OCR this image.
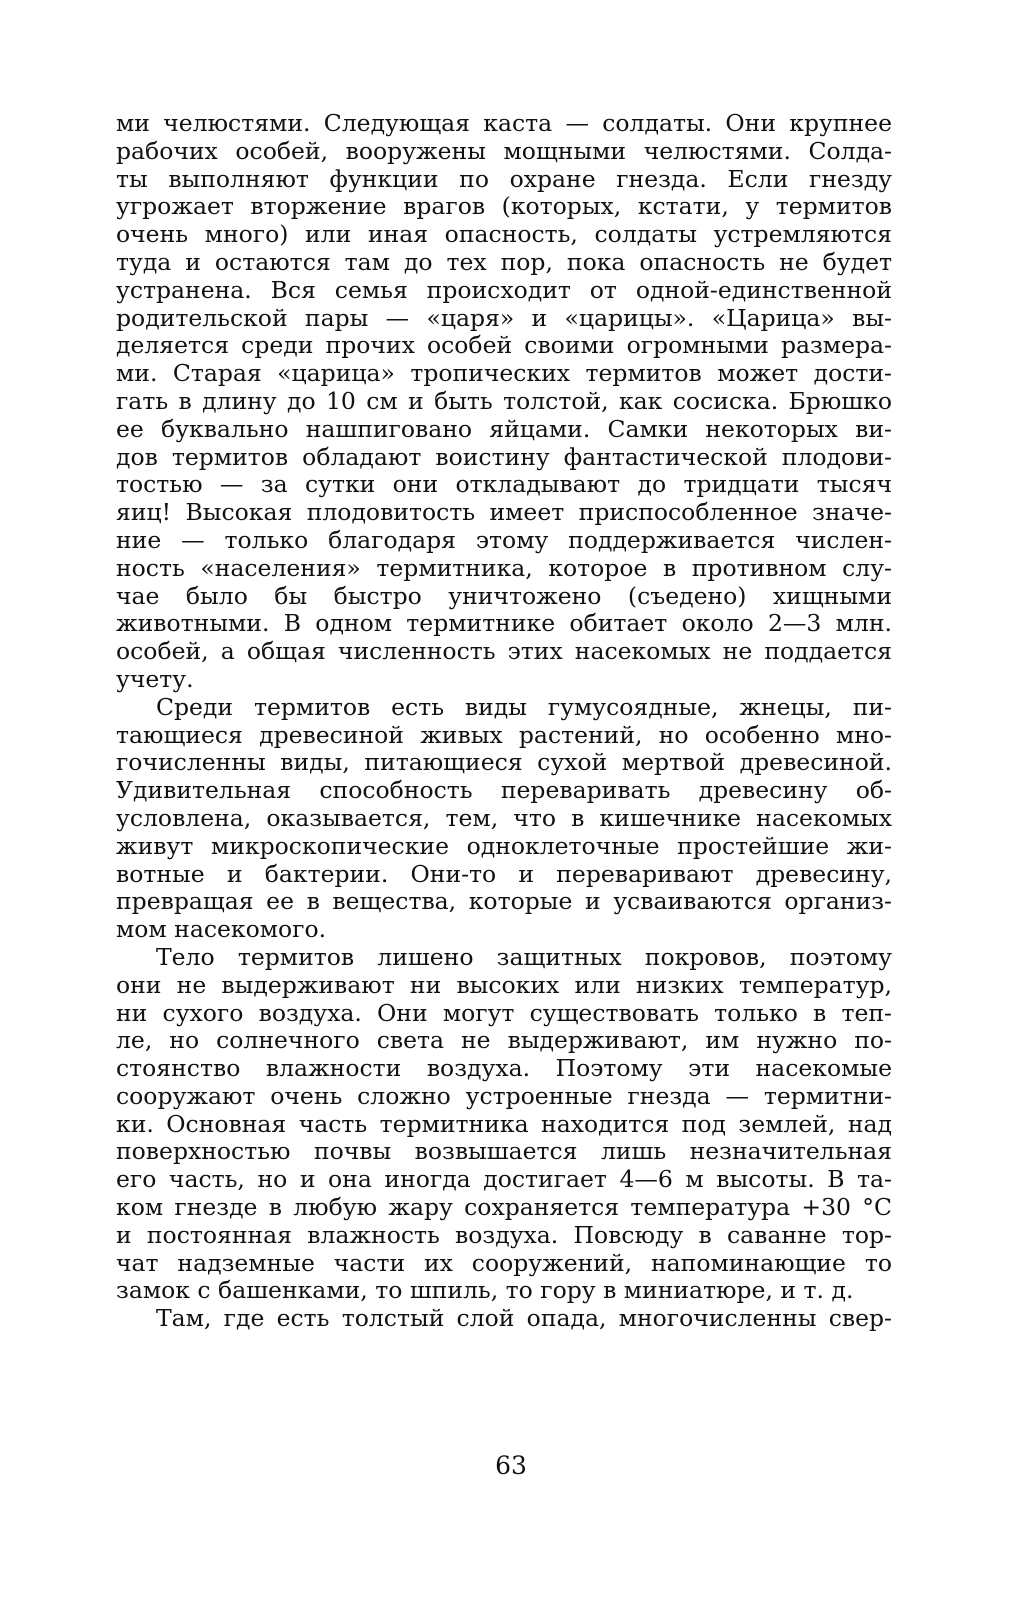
ми челюстями. Следующая каста — солдаты. Они крупнее
рабочих особей, вооружены мощными челюстями. Солда-
ты выполняют функции по охране гнезда. Если гнезду
угрожает вторжение врагов (которых, кстати, у термитов
очень много) или иная опасность, солдаты устремляются
туда и остаются там до тех пор, пока опасность не будет
устранена. Вся семья происходит от одной-единственной
родительской пары — «царя» и «царицы». «Царица» вы-
деляется среди прочих особей своими огромными размера-
ми. Старая «царица» тропических термитов может дости-
гать в длину до 10 см и быть толстой, как сосиска. Брюшко
ее буквально нашпиговано яйцами. Самки некоторых ви-
дов термитов обладают воистину фантастической плодови-
тостью — за сутки они откладывают до тридцати тысяч
яиц! Высокая плодовитость имеет приспособленное значе-
ние — только благодаря этому поддерживается числен-
ность «населения» термитника, которое в противном слу-
чае было бы быстро уничтожено (съедено) хищными
животными. В одном термитнике обитает около 2—3 млн.
особей, а общая численность этих насекомых не поддается
учету.
Среди термитов есть виды гумусоядные, жнецы, пи-
тающиеся древесиной живых растений, но особенно мно-
гочисленны виды, питающиеся сухой мертвой древесиной.
Удивительная способность переваривать древесину об-
условлена, оказывается, тем, что в кишечнике насекомых
живут микроскопические одноклеточные простейшие жи-
вотные и бактерии. Они-то и переваривают древесину,
превращая ее в вещества, которые и усваиваются организ-
мом насекомого.
Тело термитов лишено защитных покровов, поэтому
они не выдерживают ни высоких или низких температур,
ни сухого воздуха. Они могут существовать только в теп-
ле, но солнечного света не выдерживают, им нужно по-
стоянство влажности воздуха. Поэтому эти насекомые
сооружают очень сложно устроенные гнезда — термитни-
ки. Основная часть термитника находится под землей, над
поверхностью почвы возвышается лишь незначительная
его часть, но и она иногда достигает 4—6 м высоты. В та-
ком гнезде в любую жару сохраняется температура +30 °C
и постоянная влажность воздуха. Повсюду в саванне тор-
чат надземные части их сооружений, напоминающие то
замок с башенками, то шпиль, то гору в миниатюре, и т. д.
Там, где есть толстый слой опада, многочисленны свер-
63
